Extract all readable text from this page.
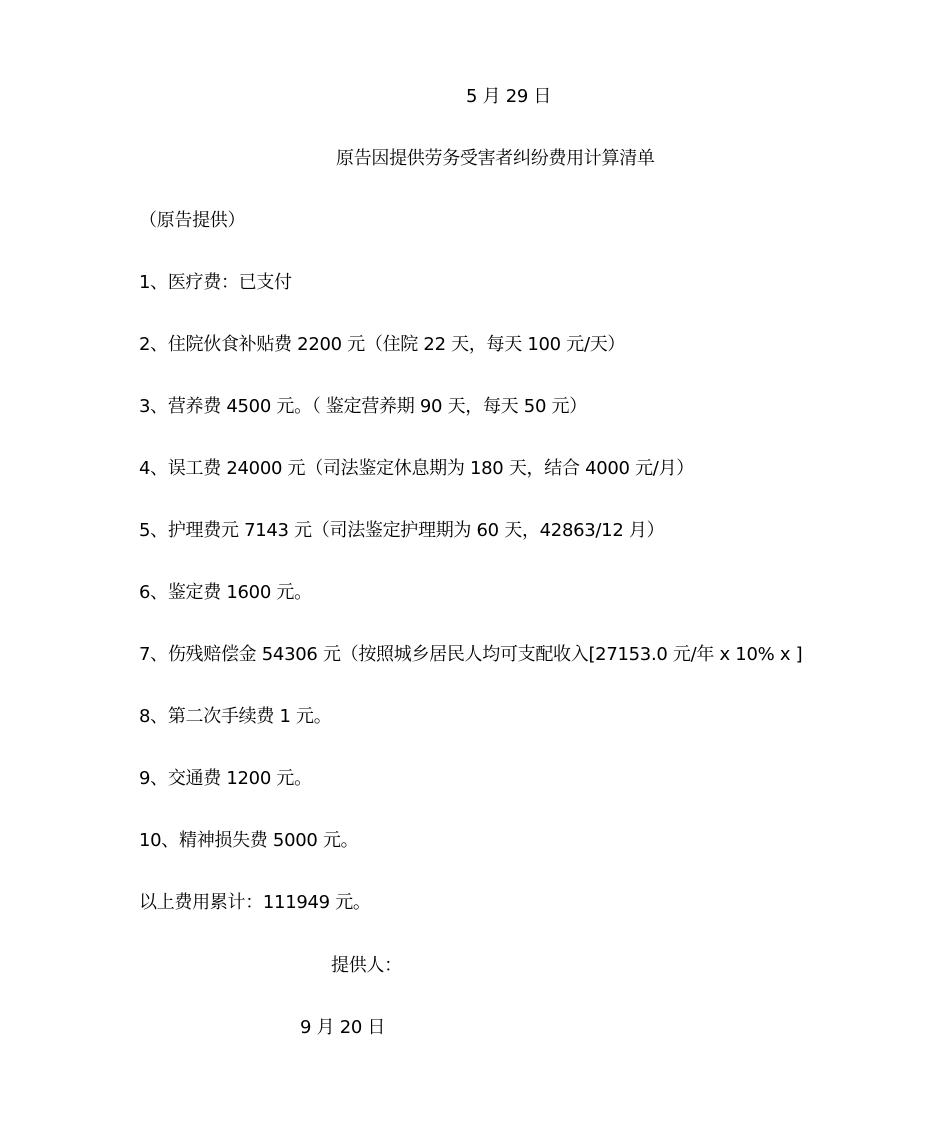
5 月 29 日
原告因提供劳务受害者纠纷费用计算清单
（原告提供）
1、医疗费：已支付
2、住院伙食补贴费 2200 元（住院 22 天，每天 100 元/天）
3、营养费 4500 元。（ 鉴定营养期 90 天，每天 50 元）
4、误工费 24000 元（司法鉴定休息期为 180 天，结合 4000 元/月）
5、护理费元 7143 元（司法鉴定护理期为 60 天，42863/12 月）
6、鉴定费 1600 元。
7、伤残赔偿金 54306 元（按照城乡居民人均可支配收入[27153.0 元/年 x 10% x ]
8、第二次手续费 1 元。
9、交通费 1200 元。
10、精神损失费 5000 元。
以上费用累计：111949 元。
提供人：
9 月 20 日
